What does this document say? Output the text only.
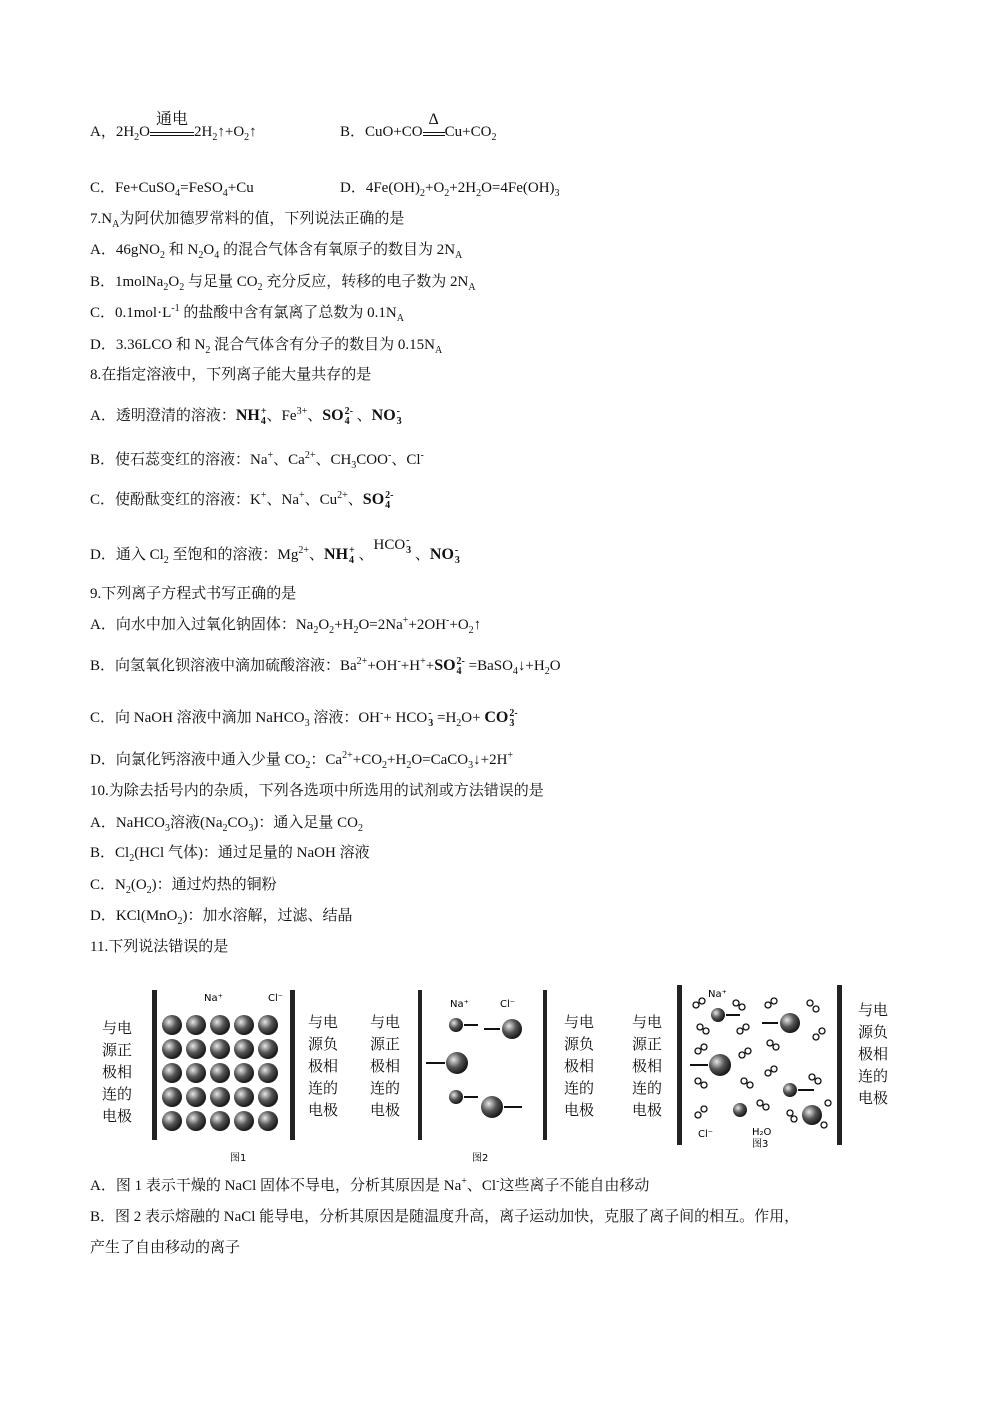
A，$2H_2O$
通电
$2H_2↑+O_2↑$	B．CuO+CO
Δ
$Cu+CO_2$
C．Fe+CuSO$_4$=FeSO$_4$+Cu	D．$4Fe(OH)_2+O_2+2H_2O=4Fe(OH)_3$
$7.N_A$为阿伏加德罗常料的值，下列说法正确的是
A．46gNO$_2$ 和 $N_2O_4$ 的混合气体含有氧原子的数目为 $2N_A$
B．$1molNa_2O_2$ 与足量 $CO_2$ 充分反应，转移的电子数为 $2N_A$
C．$0.1mol\cdot L^{-1}$ 的盐酸中含有氯离了总数为 $0.1N_A$
D．3.36LCO 和 $N_2$ 混合气体含有分子的数目为 $0.15N_A$
8.在指定溶液中，下列离子能大量共存的是
A．透明澄清的溶液：NH +
4 、$Fe^{3+}$、SO 2-
4 、NO -
3
B．使石蕊变红的溶液：Na+、$Ca^{2+}$、$CH_3COO^-$、Cl-
C．使酚酞变红的溶液：K+、Na+、$Cu^{2+}$、SO 2-
4
D．通入 $Cl_2$ 至饱和的溶液：$Mg^{2+}$、NH +
4 、HCO -
3 、NO -
3
9.下列离子方程式书写正确的是
A．向水中加入过氧化钠固体：$Na_2O_2+H_2O=2Na^++2OH^-+O_2↑$
B．向氢氧化钡溶液中滴加硫酸溶液：$Ba^{2+}+OH^-+H^++SO$ 2-
$4 =BaSO_4↓+H_2O$
C．向 NaOH 溶液中滴加 NaHCO$_3$ 溶液：OH-+ HCO -
$3 =H_2O+$ CO 2-
3
D．向氯化钙溶液中通入少量 $CO_2$：$Ca^{2+}+CO_2+H_2O=CaCO_3↓+2H^+$
10.为除去括号内的杂质，下列各选项中所选用的试剂或方法错误的是
A．NaHCO$_3$溶液$(Na_2CO_3)$：通入足量 $CO_2$
B．$Cl_2(HCl$ 气体)：通过足量的 NaOH 溶液
C．$N_2(O_2)$：通过灼热的铜粉
D．KCl(MnO$_2$)：加水溶解，过滤、结晶
11.下列说法错误的是
与电
源正
极相
连的
电极
Na⁺	Cl⁻
与电
源负
极相
连的
电极
图1
与电
源正
极相
连的
电极
Na⁺	Cl⁻
与电
源负
极相
连的
电极
图2
与电
源正
极相
连的
电极
Na⁺
Cl⁻	H₂O
图3
与电
源负
极相
连的
电极
A．图 1 表示干燥的 NaCl 固体不导电，分析其原因是 Na+、Cl-这些离子不能自由移动
B．图 2 表示熔融的 NaCl 能导电，分析其原因是随温度升高，离子运动加快，克服了离子间的相互。作用，
产生了自由移动的离子
